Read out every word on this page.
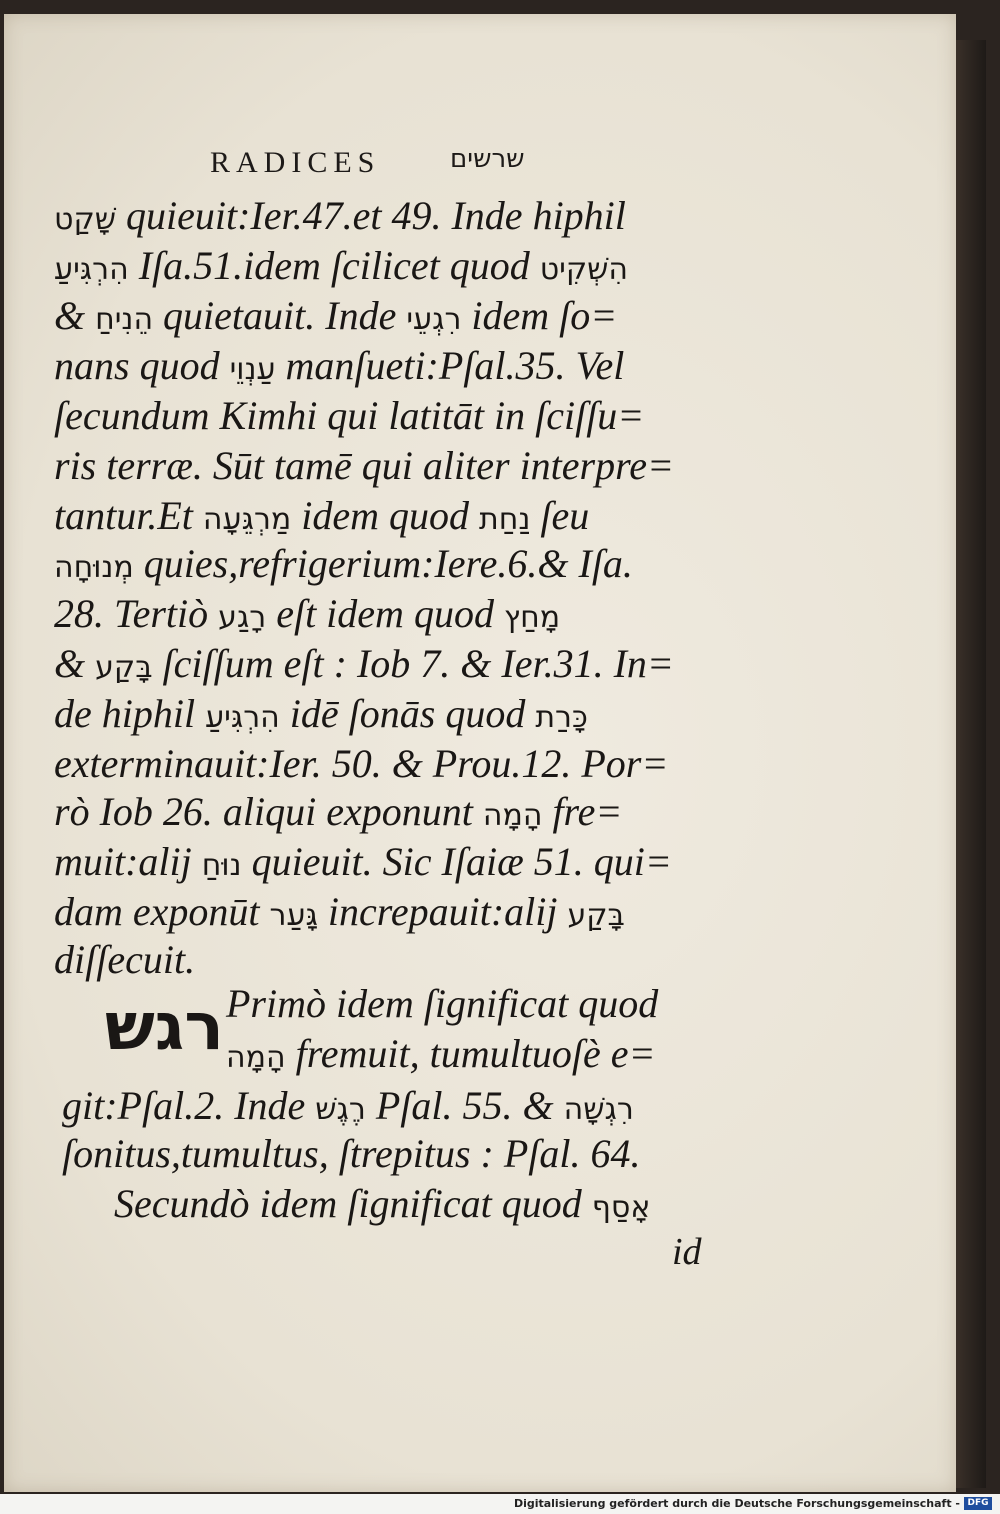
RADICES	שרשים
שָׁקַט quieuit:Ier.47.et 49. Inde hiphil
הִרְגִּיעַ Iſa.51.idem ſcilicet quod הִשְׁקִיט
& הֵנִיחַ quietauit. Inde רִגְעֵי idem ſo=
nans quod עַנְוֵי manſueti:Pſal.35. Vel
ſecundum Kimhi qui latitāt in ſciſſu=
ris terræ. Sūt tamē qui aliter interpre=
tantur.Et מַרְגֵּעָה idem quod נַחַת ſeu
מְנוּחָה quies,refrigerium:Iere.6.& Iſa.
28. Tertiò רָגַע eſt idem quod מָחַץ
& בָּקַע ſciſſum eſt : Iob 7. & Ier.31. In=
de hiphil הִרְגִּיעַ idē ſonās quod כָּרַת
exterminauit:Ier. 50. & Prou.12. Por=
rò Iob 26. aliqui exponunt הָמָה fre=
muit:alij נוּחַ quieuit. Sic Iſaiæ 51. qui=
dam exponūt גָּעַר increpauit:alij בָּקַע
diſſecuit.
Primò idem ſignificat quod
הָמָה fremuit, tumultuoſè e=
git:Pſal.2. Inde רֶגֶשׁ Pſal. 55. & רִגְשָׁה
ſonitus,tumultus, ſtrepitus : Pſal. 64.
Secundò idem ſignificat quod אָסַף
רגש
id
Digitalisierung gefördert durch die Deutsche Forschungsgemeinschaft - DFG
